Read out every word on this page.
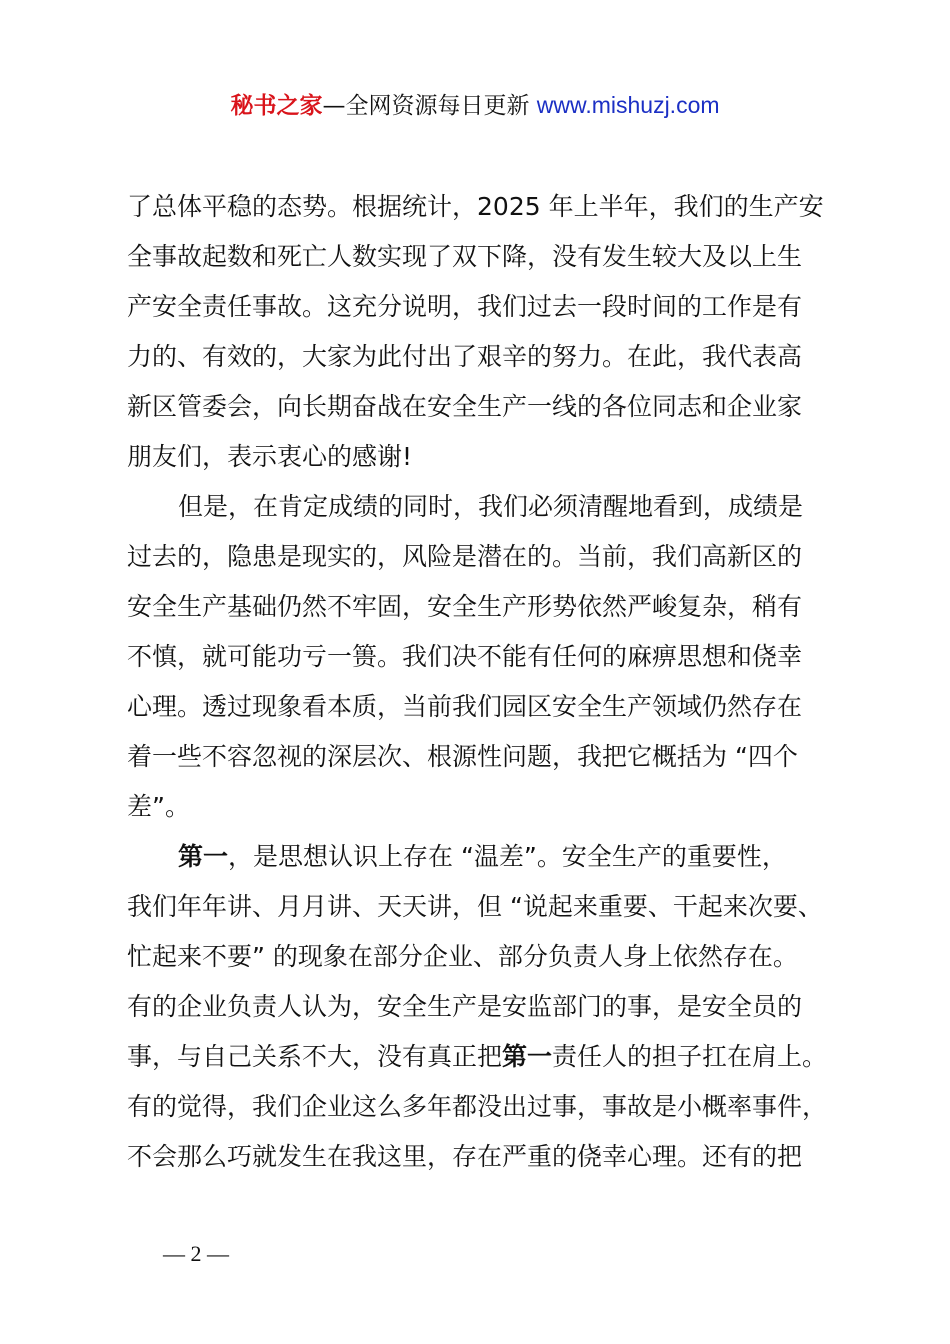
秘书之家—全网资源每日更新 www.mishuzj.com
了总体平稳的态势。根据统计，2025 年上半年，我们的生产安
全事故起数和死亡人数实现了双下降，没有发生较大及以上生
产安全责任事故。这充分说明，我们过去一段时间的工作是有
力的、有效的，大家为此付出了艰辛的努力。在此，我代表高
新区管委会，向长期奋战在安全生产一线的各位同志和企业家
朋友们，表示衷心的感谢!
但是，在肯定成绩的同时，我们必须清醒地看到，成绩是
过去的，隐患是现实的，风险是潜在的。当前，我们高新区的
安全生产基础仍然不牢固，安全生产形势依然严峻复杂，稍有
不慎，就可能功亏一篑。我们决不能有任何的麻痹思想和侥幸
心理。透过现象看本质，当前我们园区安全生产领域仍然存在
着一些不容忽视的深层次、根源性问题，我把它概括为 “四个
差”。
第一，是思想认识上存在 “温差”。安全生产的重要性，
我们年年讲、月月讲、天天讲，但 “说起来重要、干起来次要、
忙起来不要” 的现象在部分企业、部分负责人身上依然存在。
有的企业负责人认为，安全生产是安监部门的事，是安全员的
事，与自己关系不大，没有真正把第一责任人的担子扛在肩上。
有的觉得，我们企业这么多年都没出过事，事故是小概率事件，
不会那么巧就发生在我这里，存在严重的侥幸心理。还有的把
— 2 —
